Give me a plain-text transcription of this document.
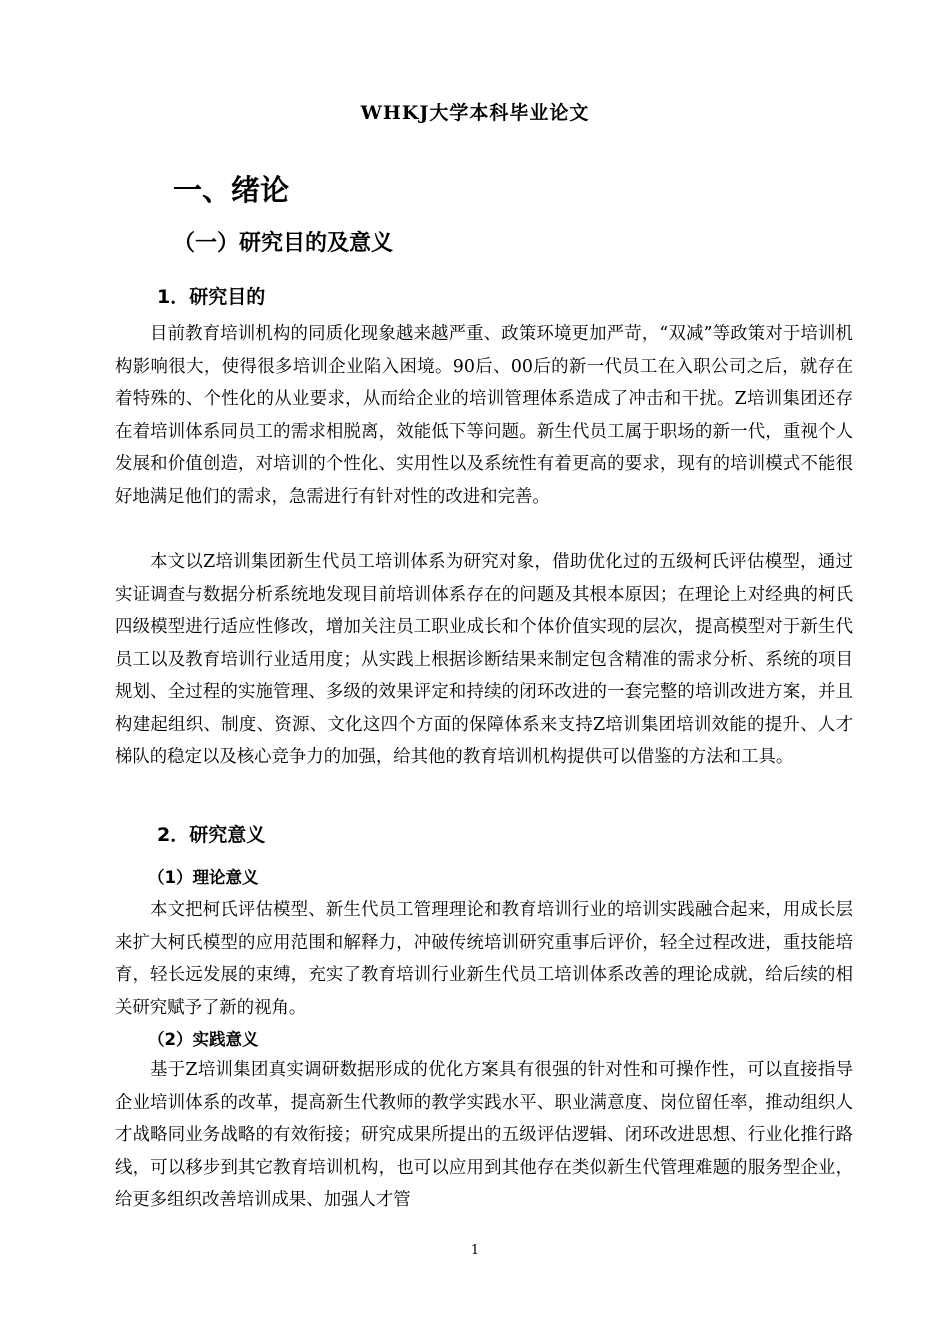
WHKJ大学本科毕业论文
一、绪论
（一）研究目的及意义
1．研究目的

目前教育培训机构的同质化现象越来越严重、政策环境更加严苛，“双减”等政策对于培训机构影响很大，使得很多培训企业陷入困境。90后、00后的新一代员工在入职公司之后，就存在着特殊的、个性化的从业要求，从而给企业的培训管理体系造成了冲击和干扰。Z培训集团还存在着培训体系同员工的需求相脱离，效能低下等问题。新生代员工属于职场的新一代，重视个人发展和价值创造，对培训的个性化、实用性以及系统性有着更高的要求，现有的培训模式不能很好地满足他们的需求，急需进行有针对性的改进和完善。

本文以Z培训集团新生代员工培训体系为研究对象，借助优化过的五级柯氏评估模型，通过实证调查与数据分析系统地发现目前培训体系存在的问题及其根本原因；在理论上对经典的柯氏四级模型进行适应性修改，增加关注员工职业成长和个体价值实现的层次，提高模型对于新生代员工以及教育培训行业适用度；从实践上根据诊断结果来制定包含精准的需求分析、系统的项目规划、全过程的实施管理、多级的效果评定和持续的闭环改进的一套完整的培训改进方案，并且构建起组织、制度、资源、文化这四个方面的保障体系来支持Z培训集团培训效能的提升、人才梯队的稳定以及核心竞争力的加强，给其他的教育培训机构提供可以借鉴的方法和工具。

2．研究意义
（1）理论意义

本文把柯氏评估模型、新生代员工管理理论和教育培训行业的培训实践融合起来，用成长层来扩大柯氏模型的应用范围和解释力，冲破传统培训研究重事后评价，轻全过程改进，重技能培育，轻长远发展的束缚，充实了教育培训行业新生代员工培训体系改善的理论成就，给后续的相关研究赋予了新的视角。

（2）实践意义

基于Z培训集团真实调研数据形成的优化方案具有很强的针对性和可操作性，可以直接指导企业培训体系的改革，提高新生代教师的教学实践水平、职业满意度、岗位留任率，推动组织人才战略同业务战略的有效衔接；研究成果所提出的五级评估逻辑、闭环改进思想、行业化推行路线，可以移步到其它教育培训机构，也可以应用到其他存在类似新生代管理难题的服务型企业，给更多组织改善培训成果、加强人才管

1
